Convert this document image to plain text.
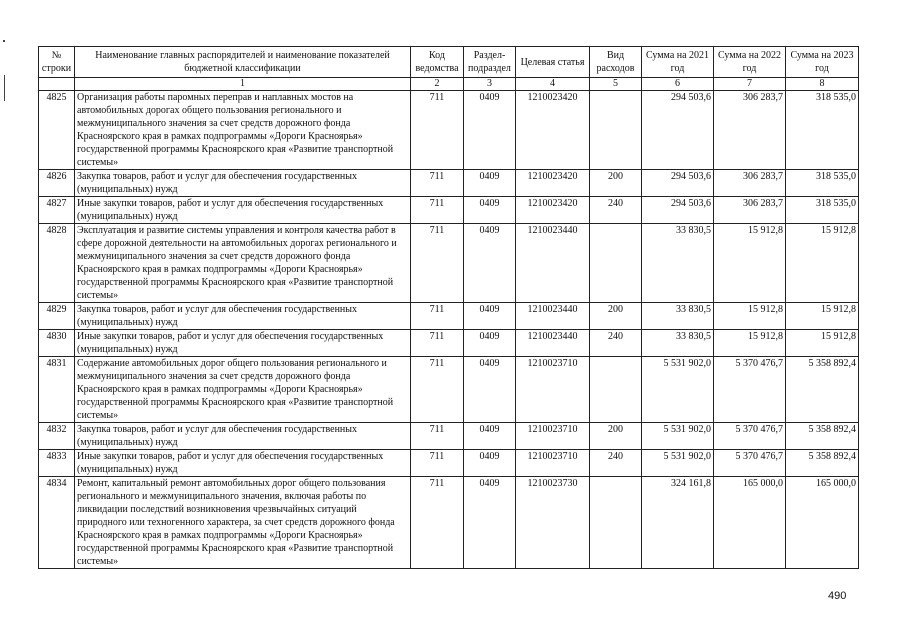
№ строки	Наименование главных распорядителей и наименование показателей бюджетной классификации	Код ведомства	Раздел-подраздел	Целевая статья	Вид расходов	Сумма на 2021 год	Сумма на 2022 год	Сумма на 2023 год
	1	2	3	4	5	6	7	8
4825	Организация работы паромных переправ и наплавных мостов на автомобильных дорогах общего пользования регионального и межмуниципального значения за счет средств дорожного фонда Красноярского края в рамках подпрограммы «Дороги Красноярья» государственной программы Красноярского края «Развитие транспортной системы»	711	0409	1210023420		294 503,6	306 283,7	318 535,0
4826	Закупка товаров, работ и услуг для обеспечения государственных (муниципальных) нужд	711	0409	1210023420	200	294 503,6	306 283,7	318 535,0
4827	Иные закупки товаров, работ и услуг для обеспечения государственных (муниципальных) нужд	711	0409	1210023420	240	294 503,6	306 283,7	318 535,0
4828	Эксплуатация и развитие системы управления и контроля качества работ в сфере дорожной деятельности на автомобильных дорогах регионального и межмуниципального значения за счет средств дорожного фонда Красноярского края в рамках подпрограммы «Дороги Красноярья» государственной программы Красноярского края «Развитие транспортной системы»	711	0409	1210023440		33 830,5	15 912,8	15 912,8
4829	Закупка товаров, работ и услуг для обеспечения государственных (муниципальных) нужд	711	0409	1210023440	200	33 830,5	15 912,8	15 912,8
4830	Иные закупки товаров, работ и услуг для обеспечения государственных (муниципальных) нужд	711	0409	1210023440	240	33 830,5	15 912,8	15 912,8
4831	Содержание автомобильных дорог общего пользования регионального и межмуниципального значения за счет средств дорожного фонда Красноярского края в рамках подпрограммы «Дороги Красноярья» государственной программы Красноярского края «Развитие транспортной системы»	711	0409	1210023710		5 531 902,0	5 370 476,7	5 358 892,4
4832	Закупка товаров, работ и услуг для обеспечения государственных (муниципальных) нужд	711	0409	1210023710	200	5 531 902,0	5 370 476,7	5 358 892,4
4833	Иные закупки товаров, работ и услуг для обеспечения государственных (муниципальных) нужд	711	0409	1210023710	240	5 531 902,0	5 370 476,7	5 358 892,4
4834	Ремонт, капитальный ремонт автомобильных дорог общего пользования регионального и межмуниципального значения, включая работы по ликвидации последствий возникновения чрезвычайных ситуаций природного или техногенного характера, за счет средств дорожного фонда Красноярского края в рамках подпрограммы «Дороги Красноярья» государственной программы Красноярского края «Развитие транспортной системы»	711	0409	1210023730		324 161,8	165 000,0	165 000,0
490
